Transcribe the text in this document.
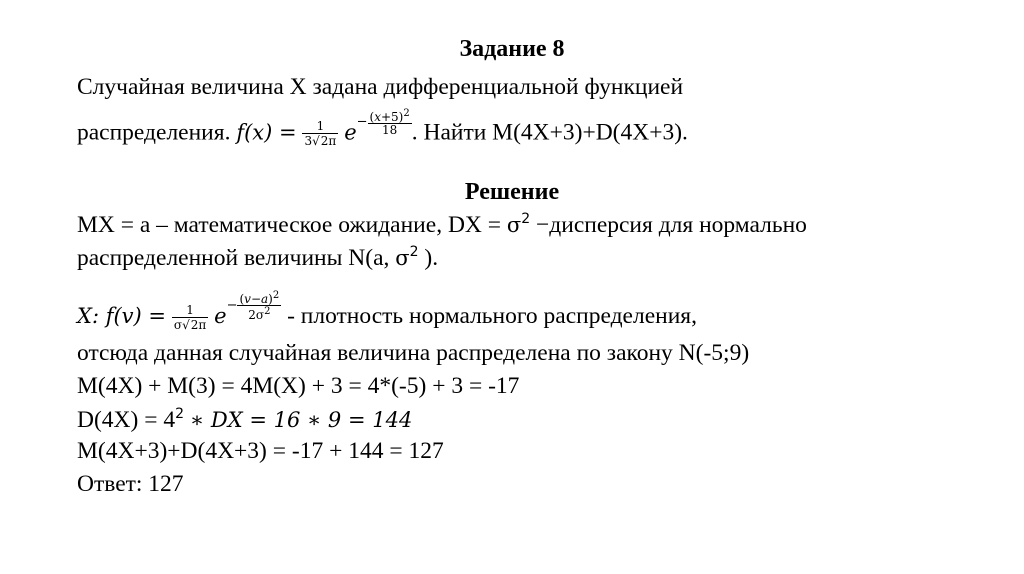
Задание 8
Случайная величина X задана дифференциальной функцией
распределения. 𝑓(𝑥) = $\frac{1}{3√2\pi}$ 𝑒− $\frac{(𝑥+5)^2}{18}$ . Найти М(4Х+3)+D(4Х+3).
Решение
МХ = a – математическое ожидание, DX = $\sigma^2$ −дисперсия для нормально
распределенной величины N(a, $\sigma^2$ ).
𝑋: 𝑓(𝑣) = $\frac{1}{\sigma√2\pi}$ 𝑒− $\frac{(𝑣-𝑎)^2}{2\sigma^2}$ - плотность нормального распределения,
отсюда данная случайная величина распределена по закону N(-5;9)
M(4X) + M(3) = 4M(X) + 3 = 4*(-5) + 3 = -17
$D(4X) = 4^2$ ∗ 𝐷𝑋 = 16 ∗ 9 = 144
М(4Х+3)+D(4Х+3) = -17 + 144 = 127
Ответ: 127
